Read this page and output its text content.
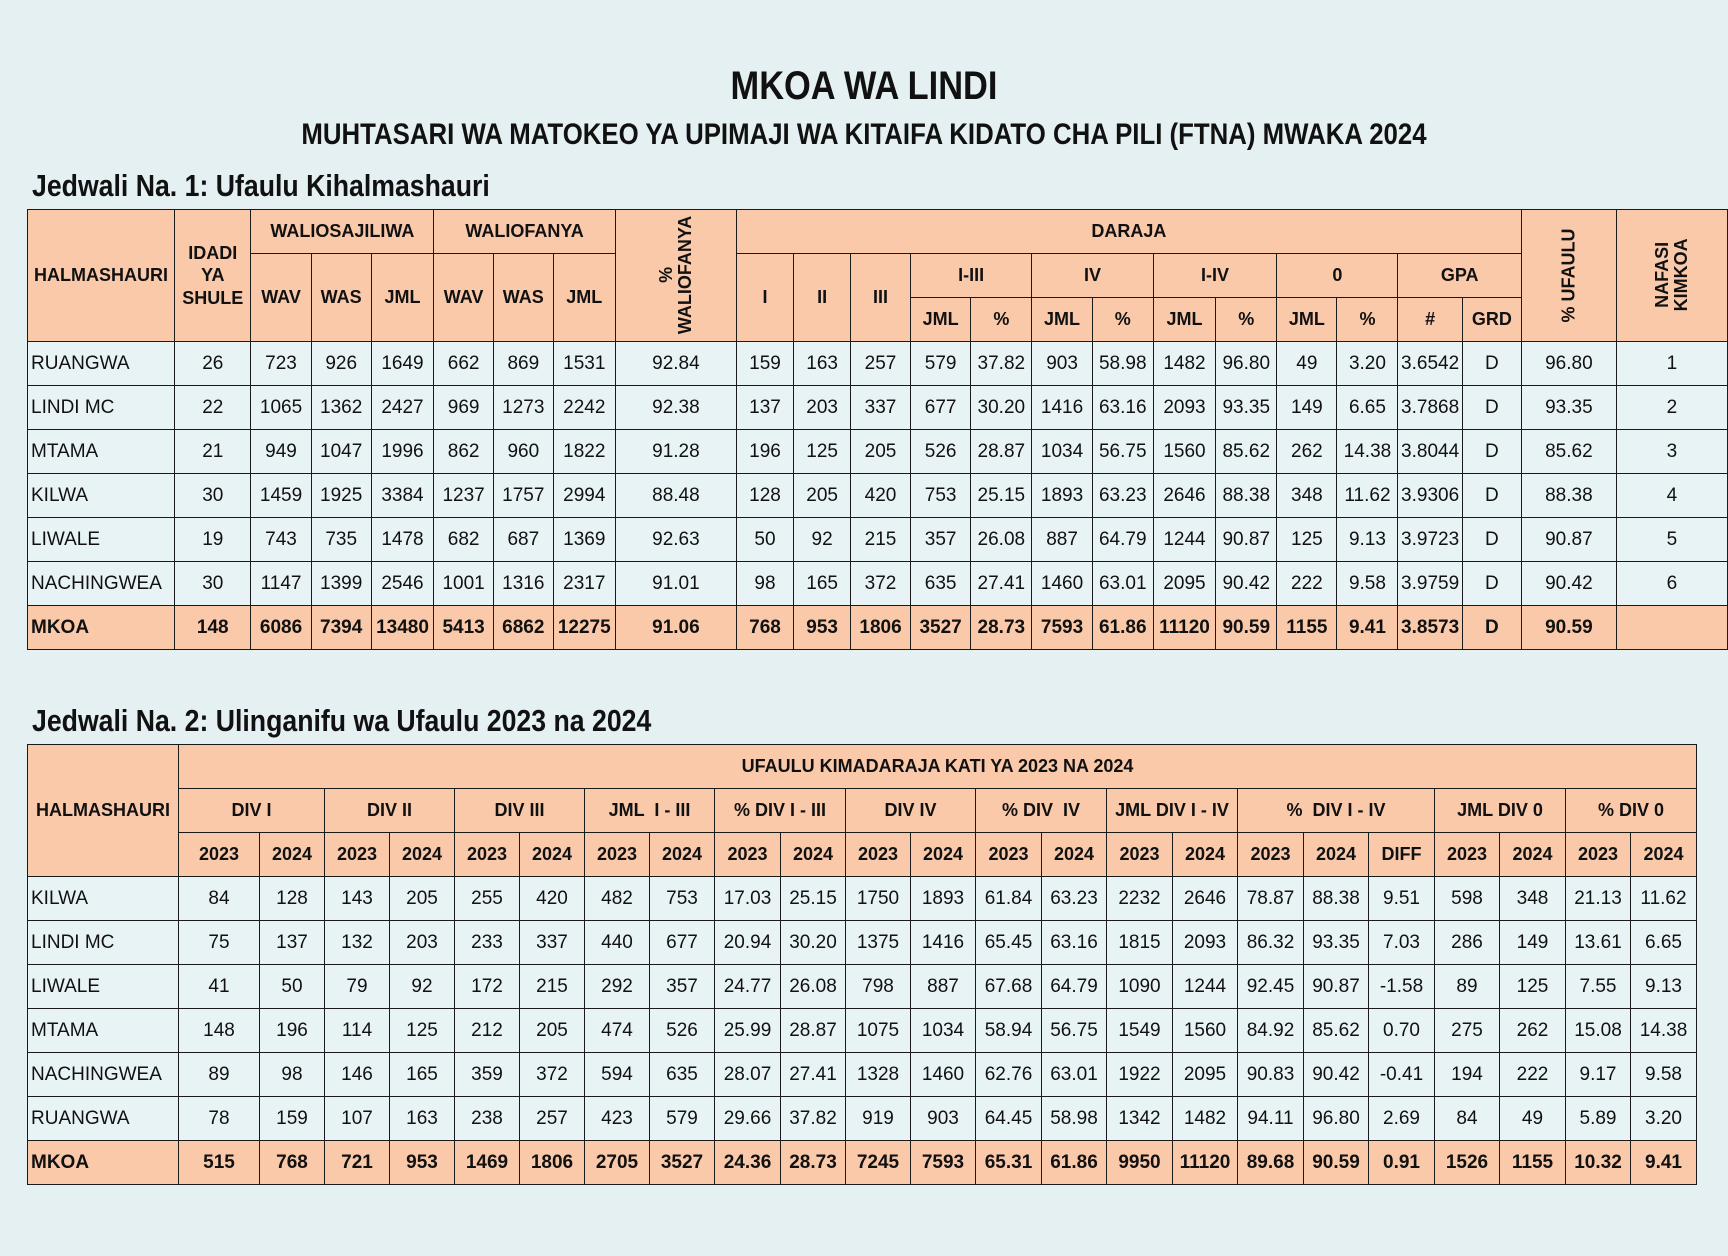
MKOA WA LINDI
MUHTASARI WA MATOKEO YA UPIMAJI WA KITAIFA KIDATO CHA PILI (FTNA) MWAKA 2024
Jedwali Na. 1: Ufaulu Kihalmashauri
HALMASHAURI	IDADI YA SHULE	WALIOSAJILIWA			WALIOFANYA			% WALIOFANYA	DARAJA													% UFAULU	NAFASI KIMKOA
		WAV	WAS	JML	WAV	WAS	JML		I	II	III	I-III		IV		I-IV		0		GPA			
												JML	%	JML	%	JML	%	JML	%	#	GRD		
RUANGWA	26	723	926	1649	662	869	1531	92.84	159	163	257	579	37.82	903	58.98	1482	96.80	49	3.20	3.6542	D	96.80	1
LINDI MC	22	1065	1362	2427	969	1273	2242	92.38	137	203	337	677	30.20	1416	63.16	2093	93.35	149	6.65	3.7868	D	93.35	2
MTAMA	21	949	1047	1996	862	960	1822	91.28	196	125	205	526	28.87	1034	56.75	1560	85.62	262	14.38	3.8044	D	85.62	3
KILWA	30	1459	1925	3384	1237	1757	2994	88.48	128	205	420	753	25.15	1893	63.23	2646	88.38	348	11.62	3.9306	D	88.38	4
LIWALE	19	743	735	1478	682	687	1369	92.63	50	92	215	357	26.08	887	64.79	1244	90.87	125	9.13	3.9723	D	90.87	5
NACHINGWEA	30	1147	1399	2546	1001	1316	2317	91.01	98	165	372	635	27.41	1460	63.01	2095	90.42	222	9.58	3.9759	D	90.42	6
MKOA	148	6086	7394	13480	5413	6862	12275	91.06	768	953	1806	3527	28.73	7593	61.86	11120	90.59	1155	9.41	3.8573	D	90.59	
Jedwali Na. 2: Ulinganifu wa Ufaulu 2023 na 2024
HALMASHAURI	UFAULU KIMADARAJA KATI YA 2023 NA 2024																						
	DIV I		DIV II		DIV III		JML  I - III		% DIV I - III		DIV IV		% DIV  IV		JML DIV I - IV		%  DIV I - IV			JML DIV 0		% DIV 0	
	2023	2024	2023	2024	2023	2024	2023	2024	2023	2024	2023	2024	2023	2024	2023	2024	2023	2024	DIFF	2023	2024	2023	2024
KILWA	84	128	143	205	255	420	482	753	17.03	25.15	1750	1893	61.84	63.23	2232	2646	78.87	88.38	9.51	598	348	21.13	11.62
LINDI MC	75	137	132	203	233	337	440	677	20.94	30.20	1375	1416	65.45	63.16	1815	2093	86.32	93.35	7.03	286	149	13.61	6.65
LIWALE	41	50	79	92	172	215	292	357	24.77	26.08	798	887	67.68	64.79	1090	1244	92.45	90.87	-1.58	89	125	7.55	9.13
MTAMA	148	196	114	125	212	205	474	526	25.99	28.87	1075	1034	58.94	56.75	1549	1560	84.92	85.62	0.70	275	262	15.08	14.38
NACHINGWEA	89	98	146	165	359	372	594	635	28.07	27.41	1328	1460	62.76	63.01	1922	2095	90.83	90.42	-0.41	194	222	9.17	9.58
RUANGWA	78	159	107	163	238	257	423	579	29.66	37.82	919	903	64.45	58.98	1342	1482	94.11	96.80	2.69	84	49	5.89	3.20
MKOA	515	768	721	953	1469	1806	2705	3527	24.36	28.73	7245	7593	65.31	61.86	9950	11120	89.68	90.59	0.91	1526	1155	10.32	9.41
